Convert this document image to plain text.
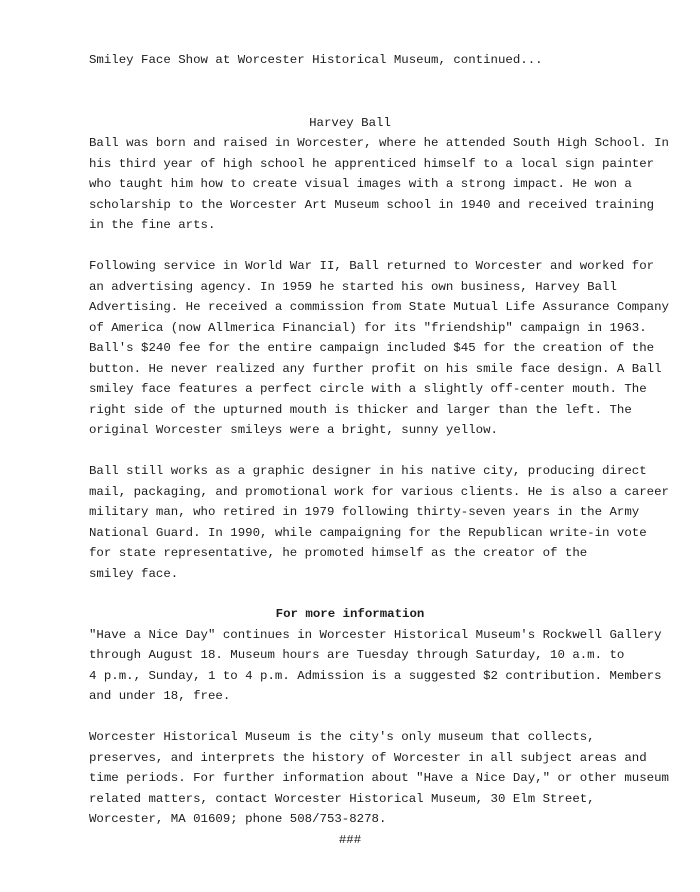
Smiley Face Show at Worcester Historical Museum, continued...
Harvey Ball
Ball was born and raised in Worcester, where he attended South High School. In
his third year of high school he apprenticed himself to a local sign painter
who taught him how to create visual images with a strong impact. He won a
scholarship to the Worcester Art Museum school in 1940 and received training
in the fine arts.
Following service in World War II, Ball returned to Worcester and worked for
an advertising agency. In 1959 he started his own business, Harvey Ball
Advertising. He received a commission from State Mutual Life Assurance Company
of America (now Allmerica Financial) for its "friendship" campaign in 1963.
Ball's $240 fee for the entire campaign included $45 for the creation of the
button. He never realized any further profit on his smile face design. A Ball
smiley face features a perfect circle with a slightly off-center mouth. The
right side of the upturned mouth is thicker and larger than the left. The
original Worcester smileys were a bright, sunny yellow.
Ball still works as a graphic designer in his native city, producing direct
mail, packaging, and promotional work for various clients. He is also a career
military man, who retired in 1979 following thirty-seven years in the Army
National Guard. In 1990, while campaigning for the Republican write-in vote
for state representative, he promoted himself as the creator of the
smiley face.
For more information
"Have a Nice Day" continues in Worcester Historical Museum's Rockwell Gallery
through August 18. Museum hours are Tuesday through Saturday, 10 a.m. to
4 p.m., Sunday, 1 to 4 p.m. Admission is a suggested $2 contribution. Members
and under 18, free.
Worcester Historical Museum is the city's only museum that collects,
preserves, and interprets the history of Worcester in all subject areas and
time periods. For further information about "Have a Nice Day," or other museum
related matters, contact Worcester Historical Museum, 30 Elm Street,
Worcester, MA 01609; phone 508/753-8278.
###
